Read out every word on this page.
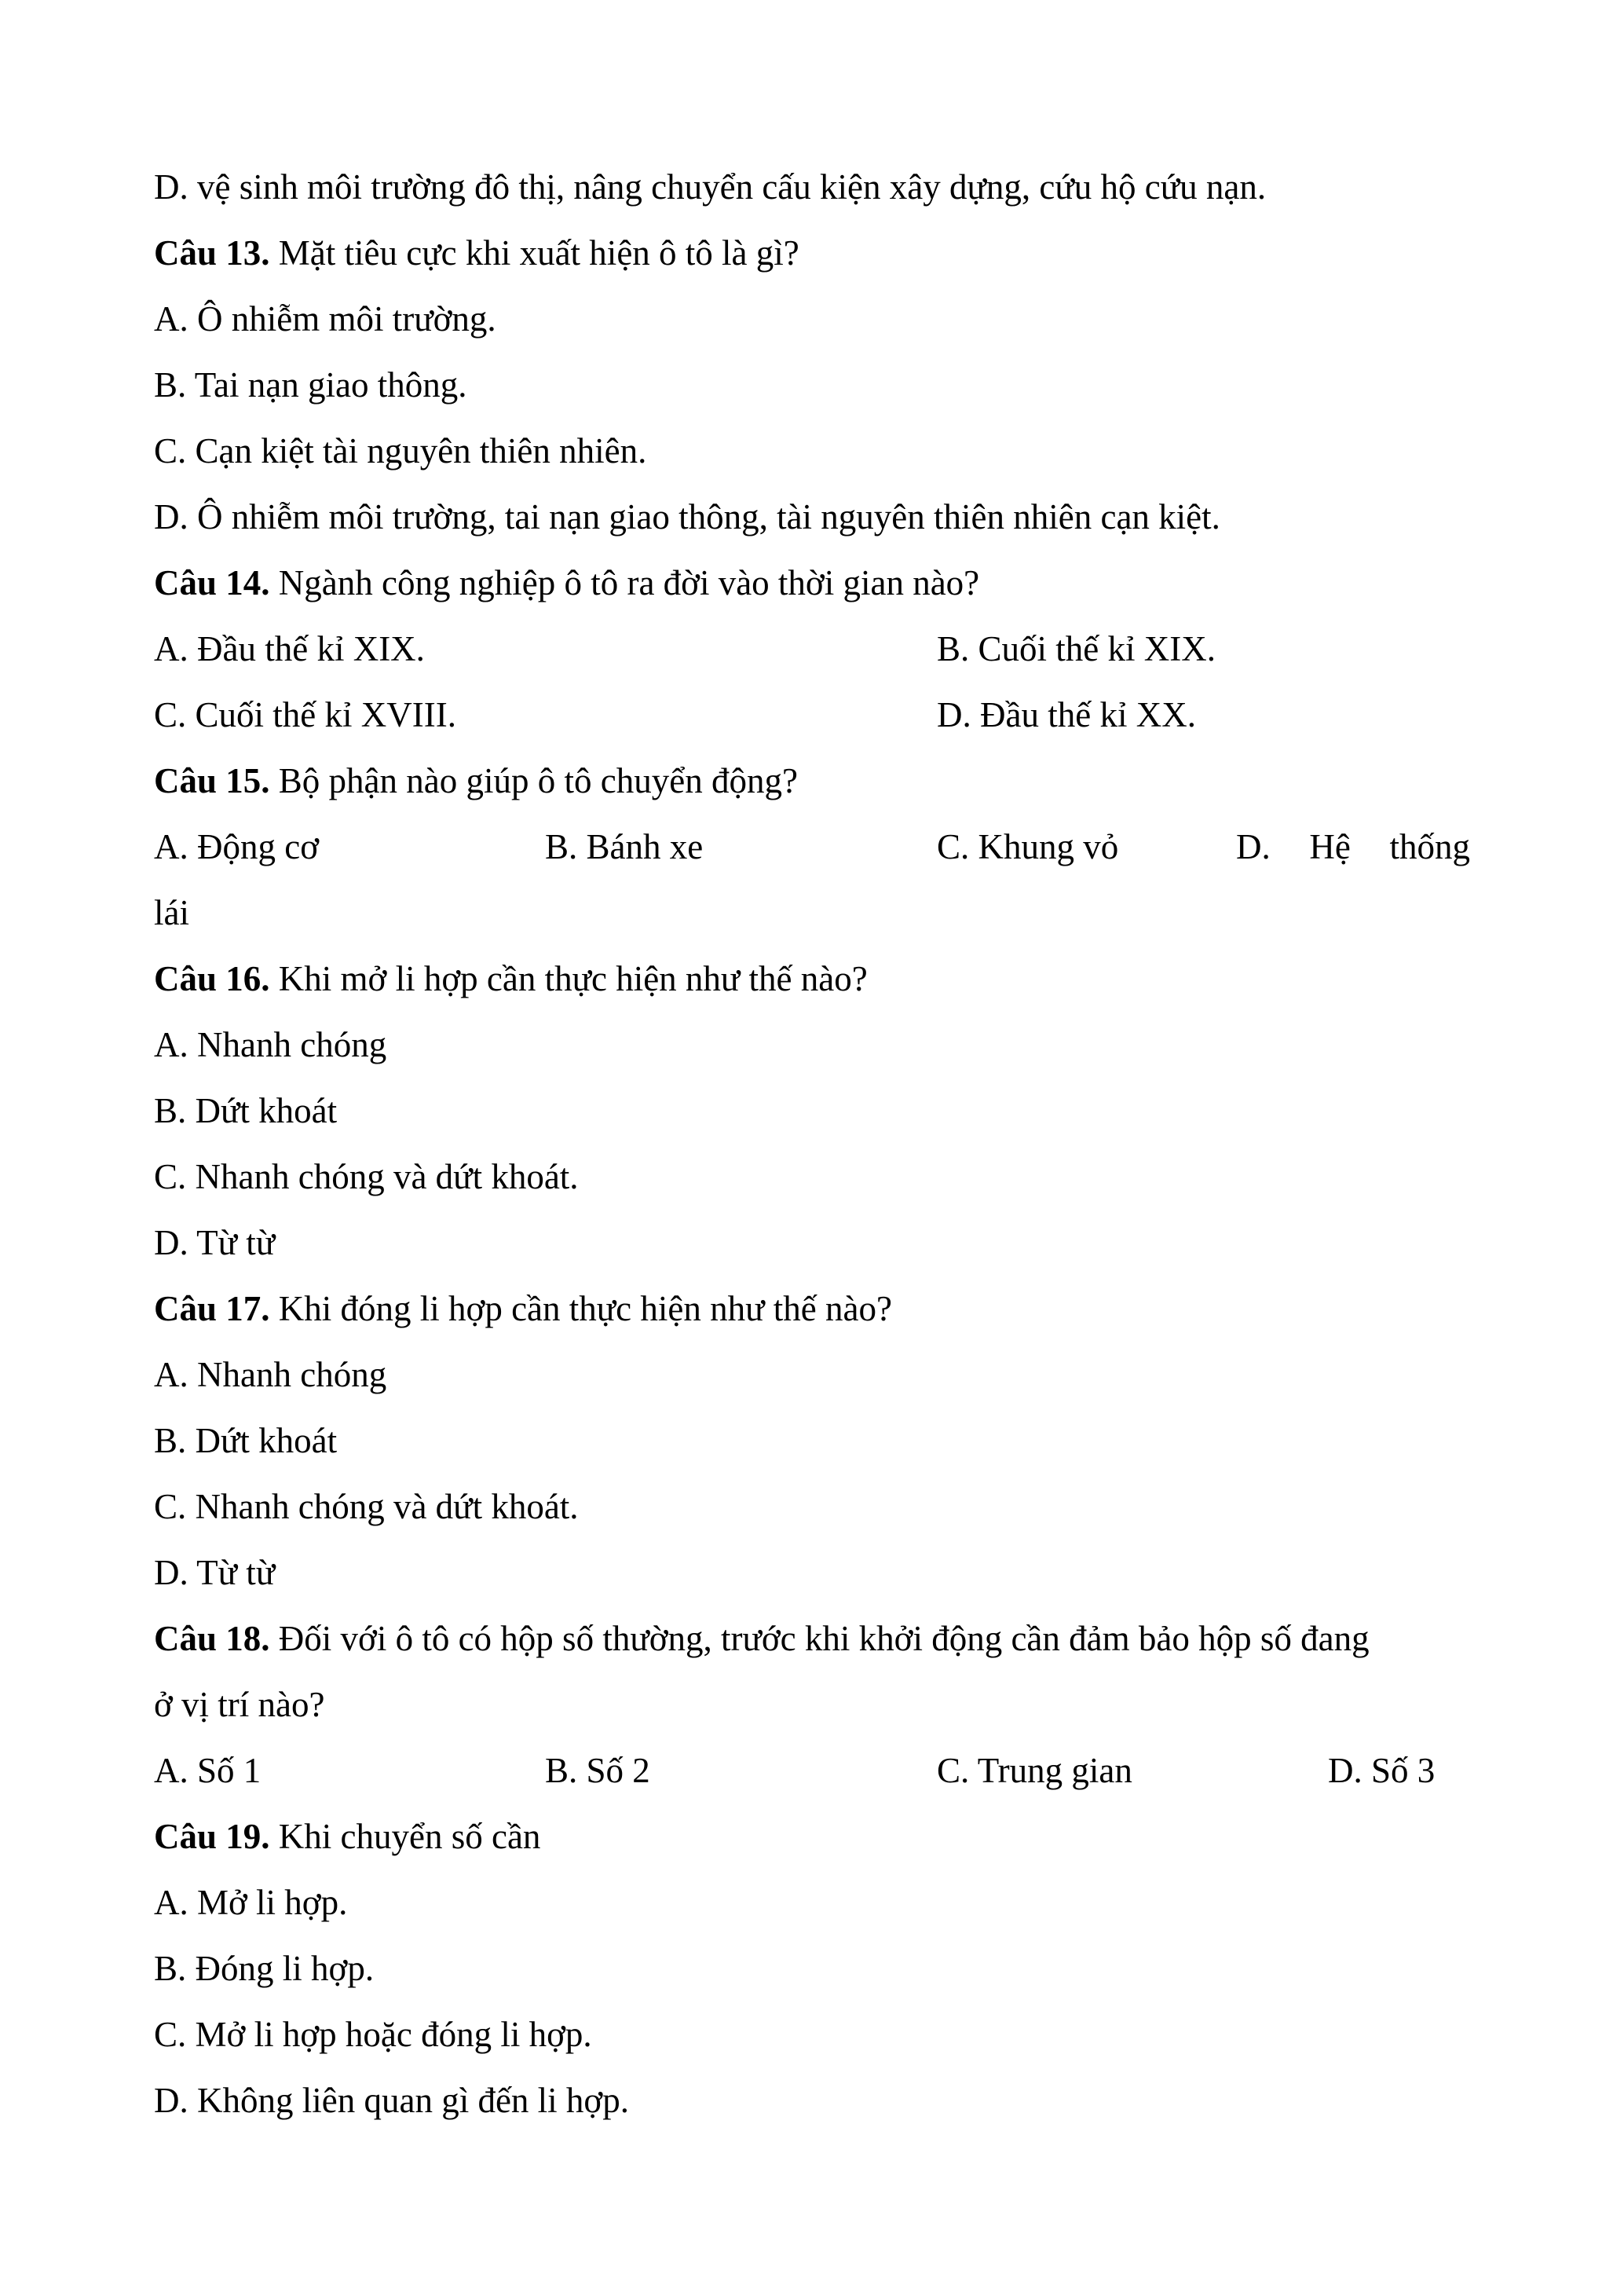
D. vệ sinh môi trường đô thị, nâng chuyển cấu kiện xây dựng, cứu hộ cứu nạn.
Câu 13. Mặt tiêu cực khi xuất hiện ô tô là gì?
A. Ô nhiễm môi trường.
B. Tai nạn giao thông.
C. Cạn kiệt tài nguyên thiên nhiên.
D. Ô nhiễm môi trường, tai nạn giao thông, tài nguyên thiên nhiên cạn kiệt.
Câu 14. Ngành công nghiệp ô tô ra đời vào thời gian nào?
A. Đầu thế kỉ XIX.	B. Cuối thế kỉ XIX.
C. Cuối thế kỉ XVIII.	D. Đầu thế kỉ XX.
Câu 15. Bộ phận nào giúp ô tô chuyển động?
A. Động cơ	B. Bánh xe	C. Khung vỏ	D. Hệ thống
lái
Câu 16. Khi mở li hợp cần thực hiện như thế nào?
A. Nhanh chóng
B. Dứt khoát
C. Nhanh chóng và dứt khoát.
D. Từ từ
Câu 17. Khi đóng li hợp cần thực hiện như thế nào?
A. Nhanh chóng
B. Dứt khoát
C. Nhanh chóng và dứt khoát.
D. Từ từ
Câu 18. Đối với ô tô có hộp số thường, trước khi khởi động cần đảm bảo hộp số đang
ở vị trí nào?
A. Số 1	B. Số 2	C. Trung gian	D. Số 3
Câu 19. Khi chuyển số cần
A. Mở li hợp.
B. Đóng li hợp.
C. Mở li hợp hoặc đóng li hợp.
D. Không liên quan gì đến li hợp.
